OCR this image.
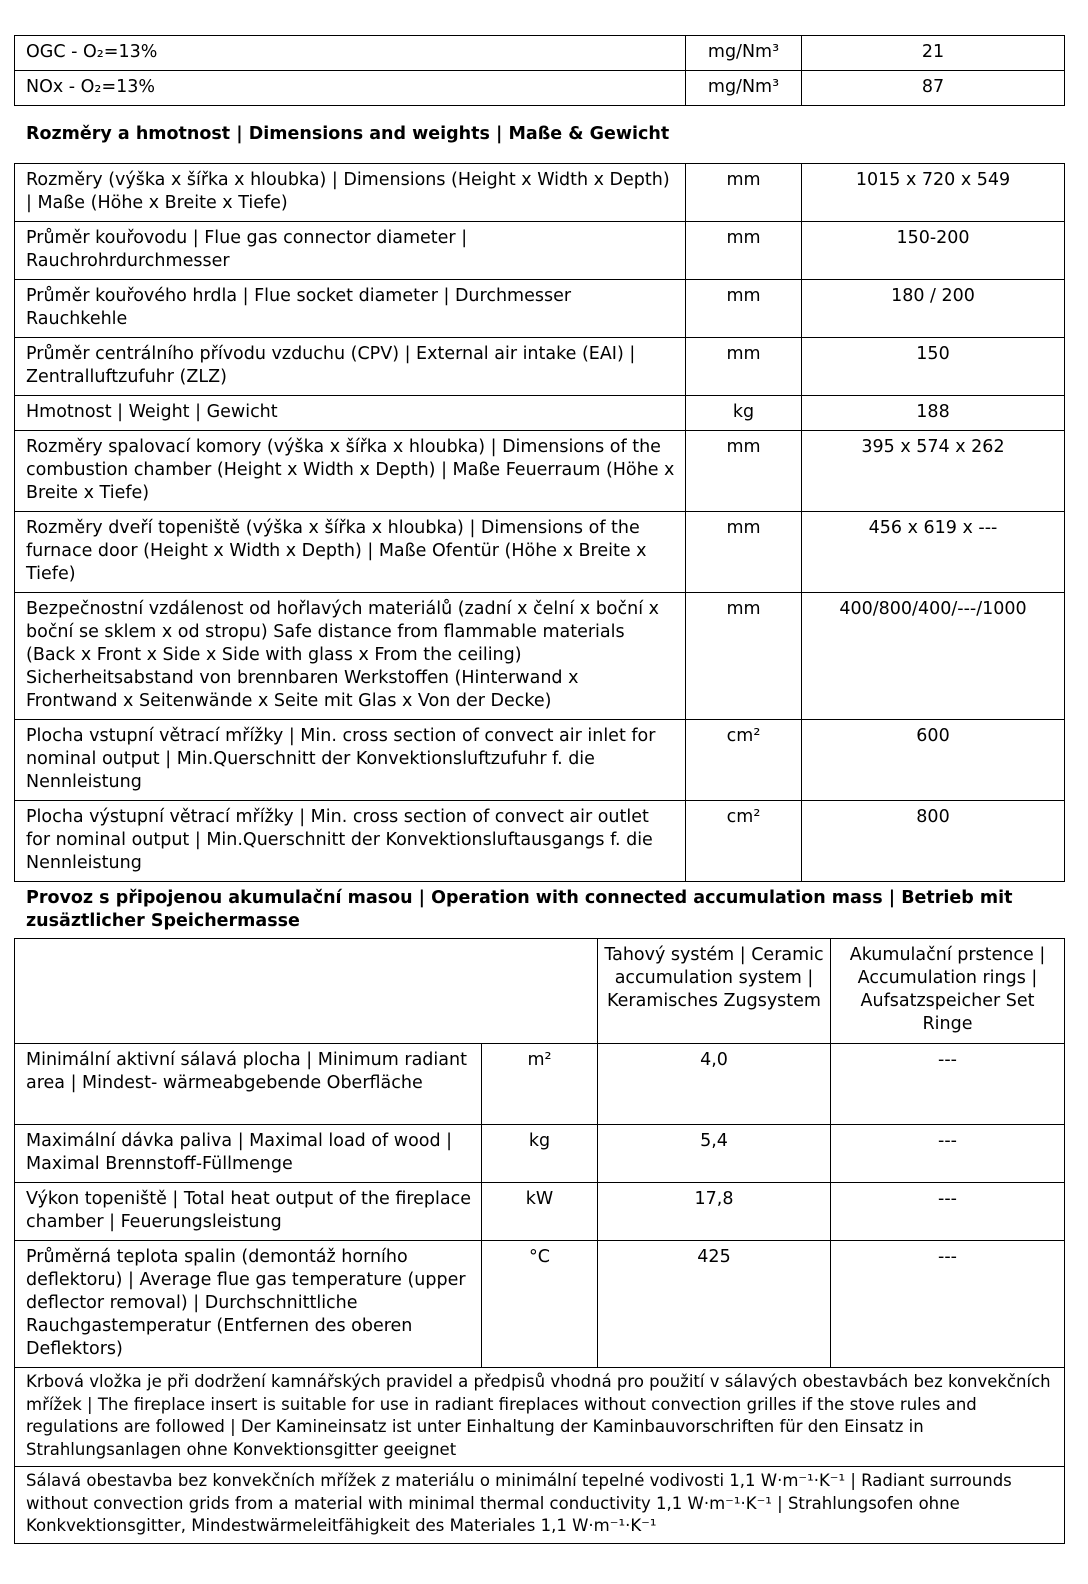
OGC - O₂=13%	mg/Nm³	21
NOx - O₂=13%	mg/Nm³	87
Rozměry a hmotnost | Dimensions and weights | Maße & Gewicht
Rozměry (výška x šířka x hloubka) | Dimensions (Height x Width x Depth) | Maße (Höhe x Breite x Tiefe)	mm	1015 x 720 x 549
Průměr kouřovodu | Flue gas connector diameter | Rauchrohrdurchmesser	mm	150-200
Průměr kouřového hrdla | Flue socket diameter | Durchmesser Rauchkehle	mm	180 / 200
Průměr centrálního přívodu vzduchu (CPV) | External air intake (EAI) | Zentralluftzufuhr (ZLZ)	mm	150
Hmotnost | Weight | Gewicht	kg	188
Rozměry spalovací komory (výška x šířka x hloubka) | Dimensions of the combustion chamber (Height x Width x Depth) | Maße Feuerraum (Höhe x Breite x Tiefe)	mm	395 x 574 x 262
Rozměry dveří topeniště (výška x šířka x hloubka) | Dimensions of the furnace door (Height x Width x Depth) | Maße Ofentür (Höhe x Breite x Tiefe)	mm	456 x 619 x ---
Bezpečnostní vzdálenost od hořlavých materiálů (zadní x čelní x boční x boční se sklem x od stropu) Safe distance from flammable materials (Back x Front x Side x Side with glass x From the ceiling) Sicherheitsabstand von brennbaren Werkstoffen (Hinterwand x Frontwand x Seitenwände x Seite mit Glas x Von der Decke)	mm	400/800/400/---/1000
Plocha vstupní větrací mřížky | Min. cross section of convect air inlet for nominal output | Min.Querschnitt der Konvektionsluftzufuhr f. die Nennleistung	cm²	600
Plocha výstupní větrací mřížky | Min. cross section of convect air outlet for nominal output | Min.Querschnitt der Konvektionsluftausgangs f. die Nennleistung	cm²	800
Provoz s připojenou akumulační masou | Operation with connected accumulation mass | Betrieb mit zusäztlicher Speichermasse
		Tahový systém | Ceramic accumulation system | Keramisches Zugsystem	Akumulační prstence | Accumulation rings | Aufsatzspeicher Set Ringe
Minimální aktivní sálavá plocha | Minimum radiant area | Mindest- wärmeabgebende Oberfläche	m²	4,0	---
Maximální dávka paliva | Maximal load of wood | Maximal Brennstoff-Füllmenge	kg	5,4	---
Výkon topeniště | Total heat output of the fireplace chamber | Feuerungsleistung	kW	17,8	---
Průměrná teplota spalin (demontáž horního deflektoru) | Average flue gas temperature (upper deflector removal) | Durchschnittliche Rauchgastemperatur (Entfernen des oberen Deflektors)	°C	425	---
Krbová vložka je při dodržení kamnářských pravidel a předpisů vhodná pro použití v sálavých obestavbách bez konvekčních mřížek | The fireplace insert is suitable for use in radiant fireplaces without convection grilles if the stove rules and regulations are followed | Der Kamineinsatz ist unter Einhaltung der Kaminbauvorschriften für den Einsatz in Strahlungsanlagen ohne Konvektionsgitter geeignet			
Sálavá obestavba bez konvekčních mřížek z materiálu o minimální tepelné vodivosti 1,1 W·m⁻¹·K⁻¹ | Radiant surrounds without convection grids from a material with minimal thermal conductivity 1,1 W·m⁻¹·K⁻¹ | Strahlungsofen ohne Konkvektionsgitter, Mindestwärmeleitfähigkeit des Materiales 1,1 W·m⁻¹·K⁻¹			
